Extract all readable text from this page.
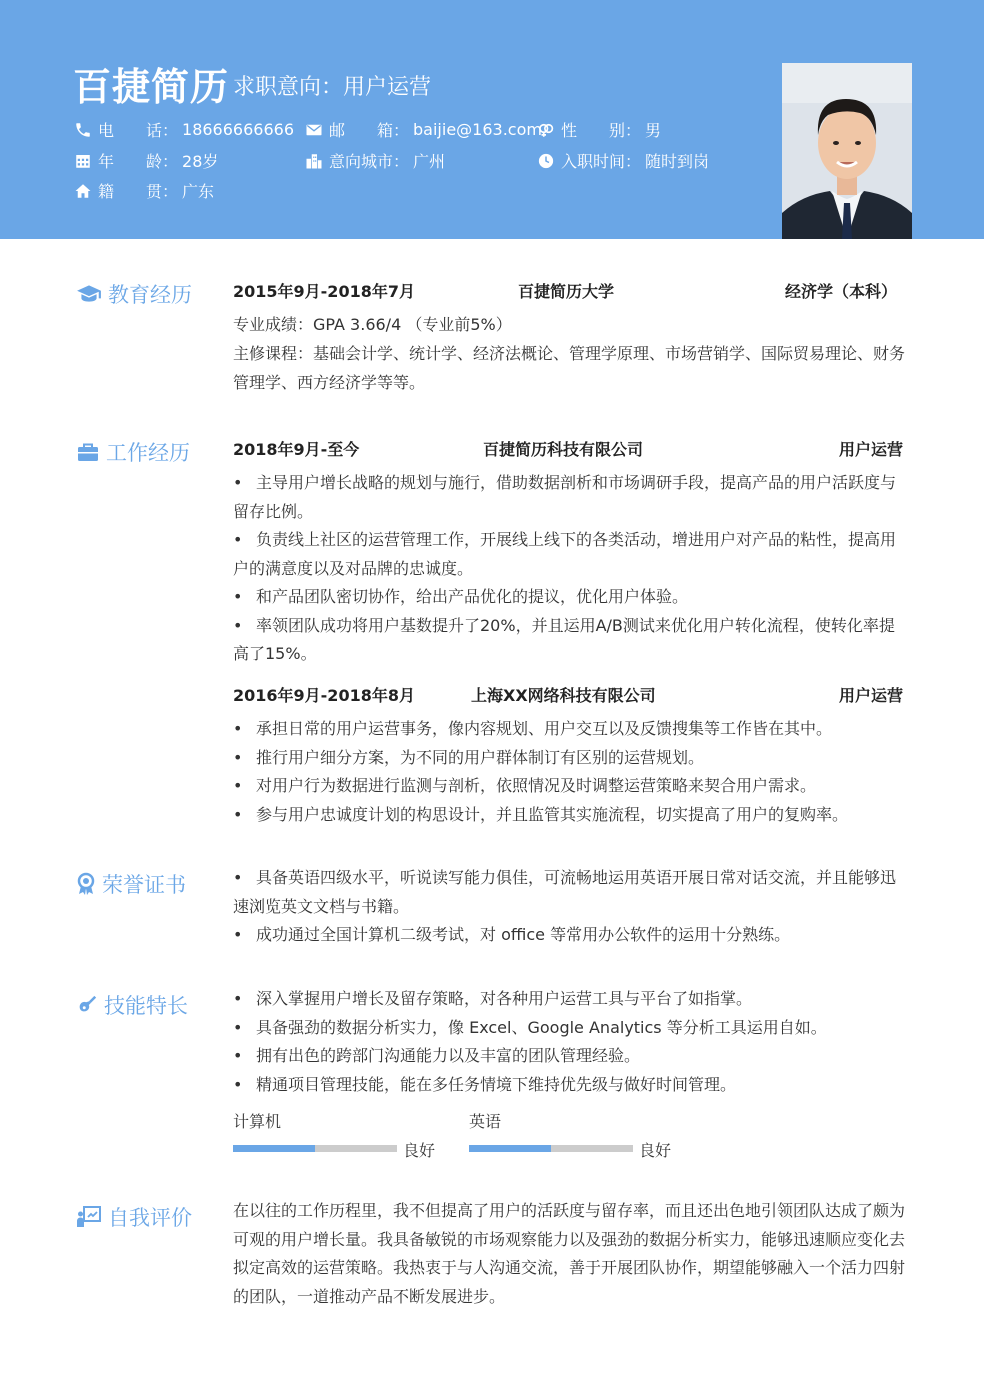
百捷简历 求职意向：用户运营
电　　话： 18666666666 邮　　箱： baijie@163.com 性　　别： 男
年　　龄： 28岁	意向城市： 广州	入职时间： 随时到岗
籍　　贯： 广东
教育经历	2015年9月-2018年7月	百捷简历大学	经济学（本科）
专业成绩：GPA 3.66/4 （专业前5%）
主修课程：基础会计学、统计学、经济法概论、管理学原理、市场营销学、国际贸易理论、财务管理学、西方经济学等等。
工作经历	2018年9月-至今	百捷简历科技有限公司	用户运营
• 主导用户增长战略的规划与施行，借助数据剖析和市场调研手段，提高产品的用户活跃度与留存比例。
• 负责线上社区的运营管理工作，开展线上线下的各类活动，增进用户对产品的粘性，提高用户的满意度以及对品牌的忠诚度。
• 和产品团队密切协作，给出产品优化的提议，优化用户体验。
• 率领团队成功将用户基数提升了20%，并且运用A/B测试来优化用户转化流程，使转化率提高了15%。
2016年9月-2018年8月	上海XX网络科技有限公司	用户运营
• 承担日常的用户运营事务，像内容规划、用户交互以及反馈搜集等工作皆在其中。
• 推行用户细分方案，为不同的用户群体制订有区别的运营规划。
• 对用户行为数据进行监测与剖析，依照情况及时调整运营策略来契合用户需求。
• 参与用户忠诚度计划的构思设计，并且监管其实施流程，切实提高了用户的复购率。
荣誉证书	• 具备英语四级水平，听说读写能力俱佳，可流畅地运用英语开展日常对话交流，并且能够迅速浏览英文文档与书籍。
• 成功通过全国计算机二级考试，对 office 等常用办公软件的运用十分熟练。
技能特长	• 深入掌握用户增长及留存策略，对各种用户运营工具与平台了如指掌。
• 具备强劲的数据分析实力，像 Excel、Google Analytics 等分析工具运用自如。
• 拥有出色的跨部门沟通能力以及丰富的团队管理经验。
• 精通项目管理技能，能在多任务情境下维持优先级与做好时间管理。
计算机
良好
英语
良好
自我评价	在以往的工作历程里，我不但提高了用户的活跃度与留存率，而且还出色地引领团队达成了颇为可观的用户增长量。我具备敏锐的市场观察能力以及强劲的数据分析实力，能够迅速顺应变化去拟定高效的运营策略。我热衷于与人沟通交流，善于开展团队协作，期望能够融入一个活力四射的团队，一道推动产品不断发展进步。
